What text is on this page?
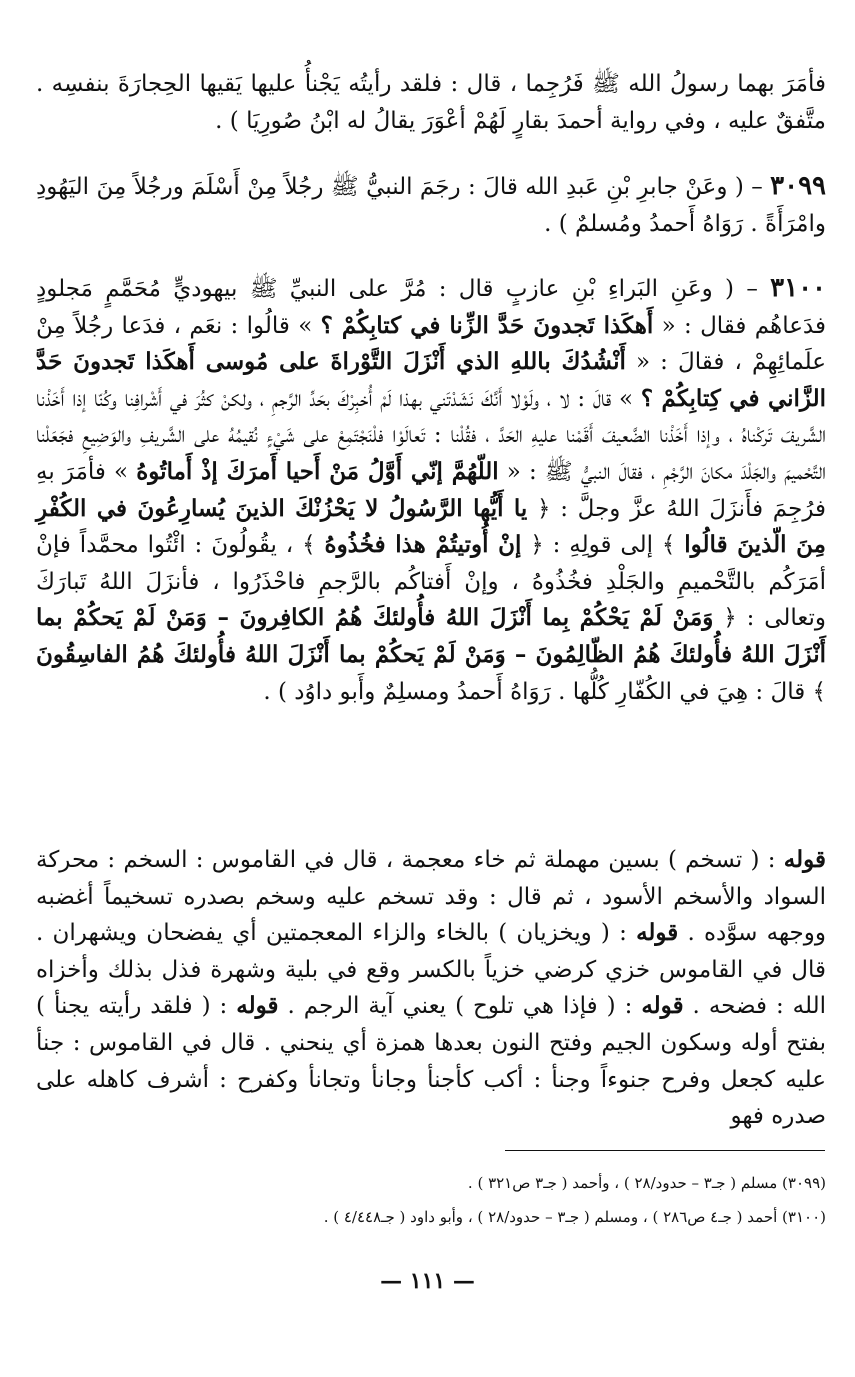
فأمَرَ بهما رسولُ الله ﷺ فَرُجِما ، قال : فلقد رأيتُه يَجْنأُ عليها يَقيها الحِجارَةَ بنفسِه . متَّفقٌ عليه ، وفي رواية أحمدَ بقارٍ لَهُمْ أعْوَرَ يقالُ له ابْنُ صُورِيَا ) .

٣٠٩٩ – ( وعَنْ جابرِ بْنِ عَبدِ الله قالَ : رجَمَ النبيُّ ﷺ رجُلاً مِنْ أَسْلَمَ ورجُلاً مِنَ اليَهُودِ وامْرَأَةً . رَوَاهُ أَحمدُ ومُسلمٌ ) .

٣١٠٠ – ( وعَنِ البَراءِ بْنِ عازبٍ قال : مُرَّ على النبيِّ ﷺ بيهوديٍّ مُحَمَّمٍ مَجلودٍ فدَعاهُم فقال : « أَهكَذا تَجدونَ حَدَّ الزِّنا في كتابِكُمْ ؟ » قالُوا : نعَم ، فدَعا رجُلاً مِنْ علَمائِهِمْ ، فقالَ : « أَنْشُدُكَ باللهِ الذي أَنْزَلَ التَّوْراةَ على مُوسى أَهكَذا تَجدونَ حَدَّ الزَّاني في كِتابِكُمْ ؟ » قالَ : لا ، ولَوْلا أَنَّكَ نَشَدْتَني بهذا لَمْ أُخبِرْكَ بحَدِّ الرَّجمِ ، ولكنْ كثُرَ في أَشْرافِنا وكُنّا إذا أَخَذْنا الشَّريفَ تَركْناهُ ، وإذا أَخَذْنا الضَّعيفَ أَقَمْنا عليهِ الحَدَّ ، فقُلْنا : تَعالَوْا فلْنَجْتَمِعْ على شَيْءٍ نُقيمُهُ على الشَّريفِ والوَضِيعِ فجَعَلْنا التَّحْميمَ والجَلْدَ مكانَ الرَّجْمِ ، فقالَ النبيُّ ﷺ : « اللّهُمَّ إنّي أَوَّلُ مَنْ أَحيا أَمرَكَ إذْ أَماتُوهُ » فأمَرَ بهِ فرُجِمَ فأَنزَلَ اللهُ عزَّ وجلَّ : ﴿ يا أَيُّها الرَّسُولُ لا يَحْزُنْكَ الذينَ يُسارِعُونَ في الكُفْرِ مِنَ الّذينَ قالُوا ﴾ إلى قولِهِ : ﴿ إنْ أُوتيتُمْ هذا فخُذُوهُ ﴾ ، يقُولُونَ : ائْتُوا محمَّداً فإنْ أمَرَكُم بالتَّحْميمِ والجَلْدِ فخُذُوهُ ، وإنْ أَفتاكُم بالرَّجمِ فاحْذَرُوا ، فأنزَلَ اللهُ تَبارَكَ وتعالى : ﴿ وَمَنْ لَمْ يَحْكُمْ بِما أَنْزَلَ اللهُ فأُولئكَ هُمُ الكافِرونَ – وَمَنْ لَمْ يَحكُمْ بما أَنْزَلَ اللهُ فأُولئكَ هُمُ الظّالِمُونَ – وَمَنْ لَمْ يَحكُمْ بما أَنْزَلَ اللهُ فأُولئكَ هُمُ الفاسِقُونَ ﴾ قالَ : هِيَ في الكُفّارِ كُلُّها . رَوَاهُ أَحمدُ ومسلِمٌ وأَبو داوُد ) .

قوله : ( تسخم ) بسين مهملة ثم خاء معجمة ، قال في القاموس : السخم : محركة السواد والأسخم الأسود ، ثم قال : وقد تسخم عليه وسخم بصدره تسخيماً أغضبه ووجهه سوَّده . قوله : ( ويخزيان ) بالخاء والزاء المعجمتين أي يفضحان ويشهران . قال في القاموس خزي كرضي خزياً بالكسر وقع في بلية وشهرة فذل بذلك وأخزاه الله : فضحه . قوله : ( فإذا هي تلوح ) يعني آية الرجم . قوله : ( فلقد رأيته يجنأ ) بفتح أوله وسكون الجيم وفتح النون بعدها همزة أي ينحني . قال في القاموس : جنأ عليه كجعل وفرح جنوءاً وجنأ : أكب كأجنأ وجانأ وتجانأ وكفرح : أشرف كاهله على صدره فهو

(٣٠٩٩) مسلم ( جـ٣ – حدود/٢٨ ) ، وأحمد ( جـ٣ ص٣٢١ ) .

(٣١٠٠) أحمد ( جـ٤ ص٢٨٦ ) ، ومسلم ( جـ٣ – حدود/٢٨ ) ، وأبو داود ( جـ٤/٤٤٨ ) .

— ١١١ —
